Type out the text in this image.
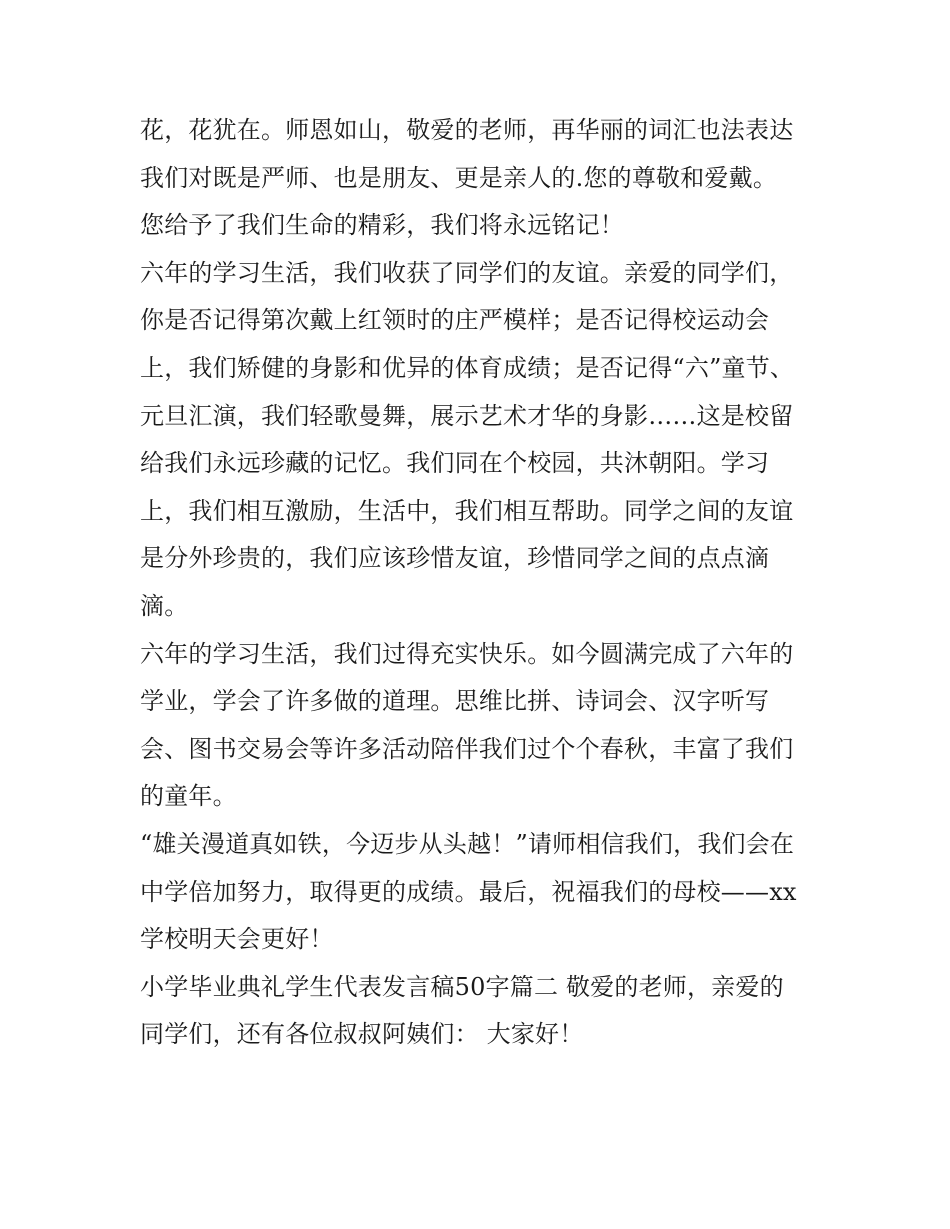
花，花犹在。师恩如山，敬爱的老师，再华丽的词汇也法表达
我们对既是严师、也是朋友、更是亲人的.您的尊敬和爱戴。
您给予了我们生命的精彩，我们将永远铭记！
六年的学习生活，我们收获了同学们的友谊。亲爱的同学们，
你是否记得第次戴上红领时的庄严模样；是否记得校运动会
上，我们矫健的身影和优异的体育成绩；是否记得“六”童节、
元旦汇演，我们轻歌曼舞，展示艺术才华的身影……这是校留
给我们永远珍藏的记忆。我们同在个校园，共沐朝阳。学习
上，我们相互激励，生活中，我们相互帮助。同学之间的友谊
是分外珍贵的，我们应该珍惜友谊，珍惜同学之间的点点滴
滴。
六年的学习生活，我们过得充实快乐。如今圆满完成了六年的
学业，学会了许多做的道理。思维比拼、诗词会、汉字听写
会、图书交易会等许多活动陪伴我们过个个春秋，丰富了我们
的童年。
“雄关漫道真如铁，今迈步从头越！”请师相信我们，我们会在
中学倍加努力，取得更的成绩。最后，祝福我们的母校——xx
学校明天会更好！
小学毕业典礼学生代表发言稿50字篇二 敬爱的老师，亲爱的
同学们，还有各位叔叔阿姨们： 大家好！
